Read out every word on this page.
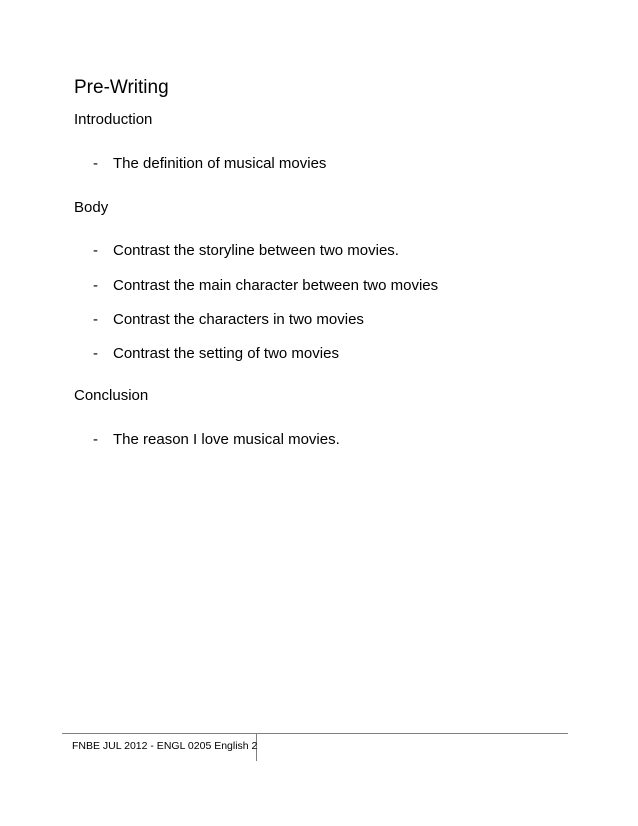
Pre-Writing

Introduction

- The definition of musical movies

Body

- Contrast the storyline between two movies.
- Contrast the main character between two movies
- Contrast the characters in two movies
- Contrast the setting of two movies

Conclusion

- The reason I love musical movies.
FNBE JUL 2012 - ENGL 0205 English 2
